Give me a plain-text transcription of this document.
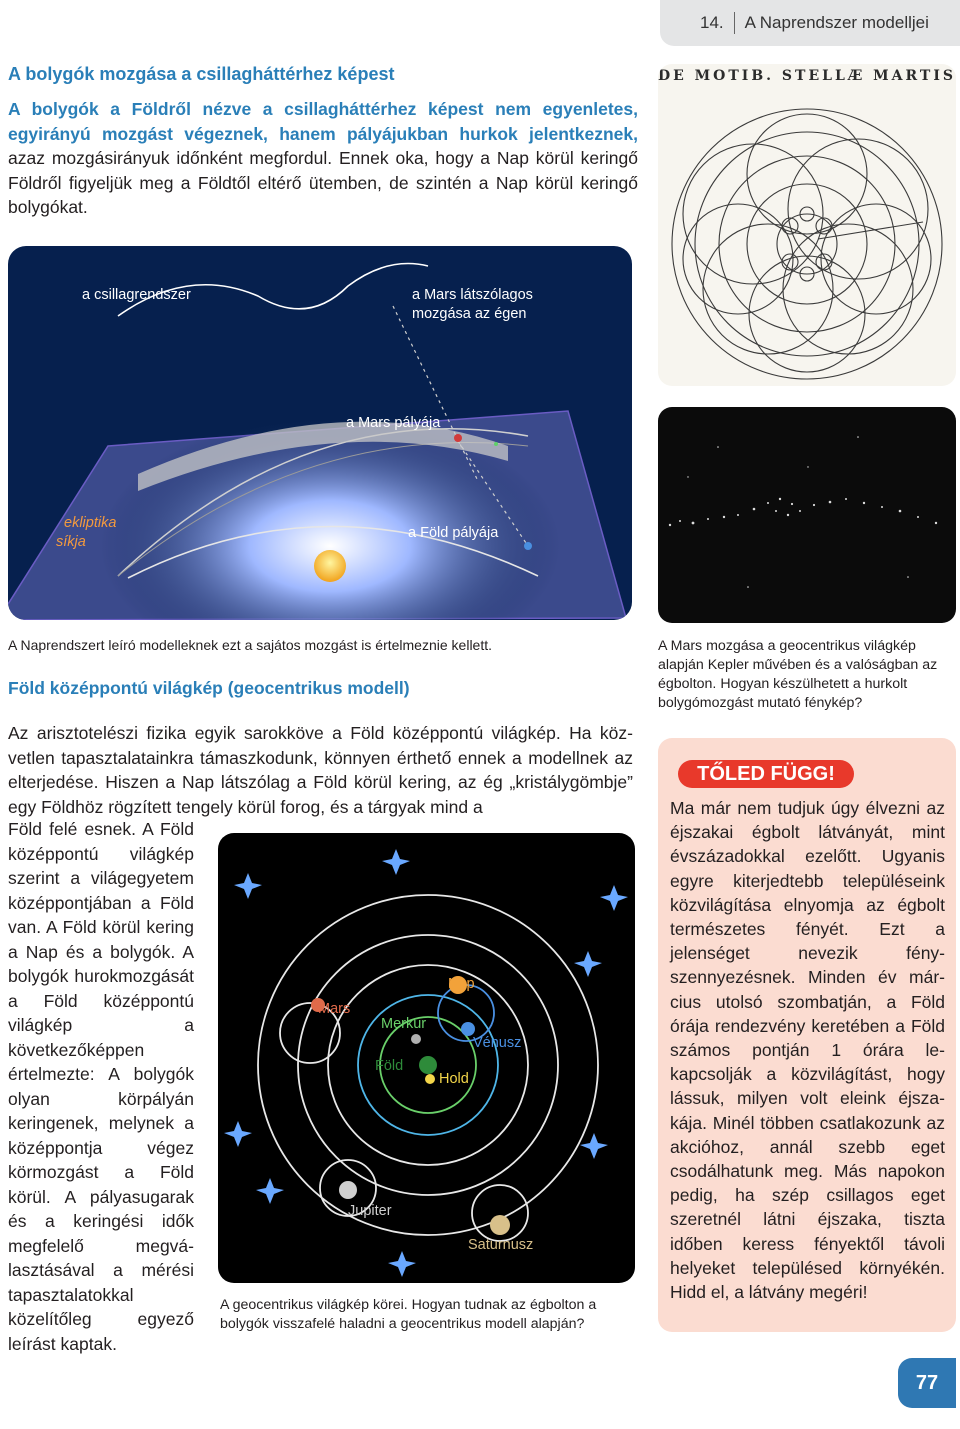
14. A Naprendszer modelljei
A bolygók mozgása a csillagháttérhez képest
A bolygók a Földről nézve a csillagháttérhez képest nem egyenletes, egyirányú mozgást végeznek, hanem pályájukban hurkok jelentkeznek, azaz mozgásirányuk időnként megfordul. Ennek oka, hogy a Nap körül keringő Földről figyeljük meg a Földtől eltérő ütemben, de szintén a Nap körül keringő bolygókat.
DE MOTIB. STELLÆ MARTIS
a csillagrendszer	a Mars látszólagos
mozgása az égen
a Mars pályája
ekliptika
síkja
a Föld pályája
A Naprendszert leíró modelleknek ezt a sajátos mozgást is értelmeznie kellett.	A Mars mozgása a geocentrikus világkép alapján Kepler művében és a valóságban az égbolton. Hogyan készülhetett a hurkolt bolygómozgást mutató fénykép?
Föld középpontú világkép (geocentrikus modell)
Az arisztotelészi fizika egyik sarokköve a Föld középpontú világkép. Ha közvetlen tapasztalatainkra támaszkodunk, könnyen érthető ennek a modellnek az elterjedése. Hiszen a Nap látszólag a Föld körül kering, az ég „kristálygömbje” egy Földhöz rögzített tengely körül forog, és a tárgyak mind a
Föld felé esnek. A Föld középpontú világkép szerint a világegyetem középpontjában a Föld van. A Föld körül kering a Nap és a bolygók. A bolygók hurokmozgását a Föld középpontú világkép a következőképpen értelmezte: A bolygók olyan körpályán keringenek, melynek a középpontja végez körmozgást a Föld körül. A pályasugarak és a keringési idők megfelelő megválasztásával a mérési tapasztalatokkal közelítőleg egyező leírást kaptak.
Nap
Mars
Merkur
Vénusz
Föld
Hold
Jupiter
Saturnusz
A geocentrikus világkép körei. Hogyan tudnak az égbolton a bolygók visszafelé haladni a geocentrikus modell alapján?
TŐLED FÜGG!
Ma már nem tudjuk úgy élvezni az éjszakai égbolt látványát, mint évszázadokkal ezelőtt. Ugyanis egyre kiterjedtebb településeink közvilágítása elnyomja az égbolt természetes fényét. Ezt a jelenséget nevezik fényszennyezésnek. Minden év március utolsó szombatján, a Föld órája rendezvény keretében a Föld számos pontján 1 órára lekapcsolják a közvilágítást, hogy lássuk, milyen volt eleink éjszakája. Minél többen csatlakozunk az akcióhoz, annál szebb eget csodálhatunk meg. Más napokon pedig, ha szép csillagos eget szeretnél látni éjszaka, tiszta időben keress fényektől távoli helyeket településed környékén. Hidd el, a látvány megéri!
77
